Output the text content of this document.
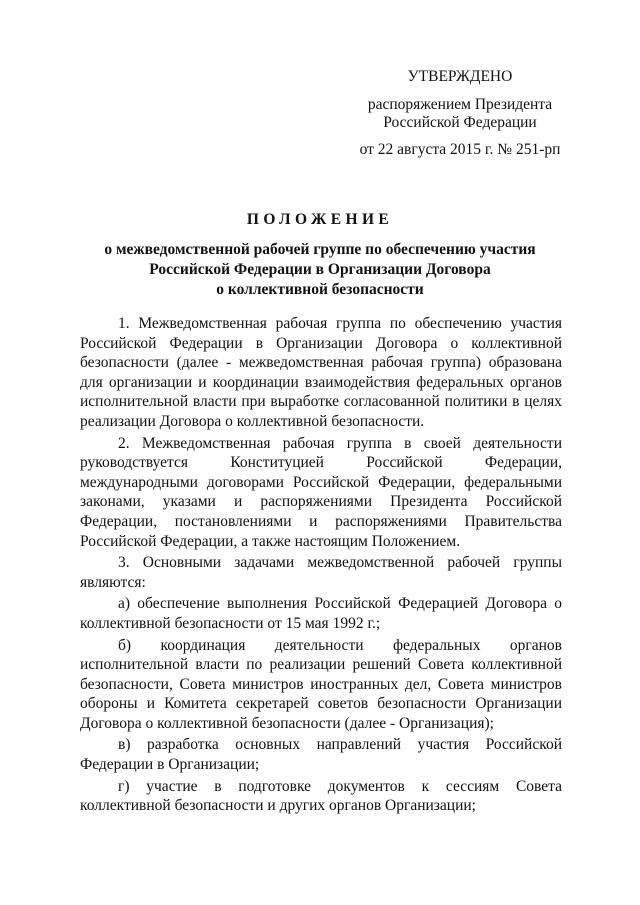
УТВЕРЖДЕНО
распоряжением Президента
Российской Федерации
от 22 августа 2015 г. № 251-рп
ПОЛОЖЕНИЕ
о межведомственной рабочей группе по обеспечению участия
Российской Федерации в Организации Договора
о коллективной безопасности

1. Межведомственная рабочая группа по обеспечению участия Российской Федерации в Организации Договора о коллективной безопасности (далее - межведомственная рабочая группа) образована для организации и координации взаимодействия федеральных органов исполнительной власти при выработке согласованной политики в целях реализации Договора о коллективной безопасности.

2. Межведомственная рабочая группа в своей деятельности руководствуется Конституцией Российской Федерации, международными договорами Российской Федерации, федеральными законами, указами и распоряжениями Президента Российской Федерации, постановлениями и распоряжениями Правительства Российской Федерации, а также настоящим Положением.

3. Основными задачами межведомственной рабочей группы являются:

а) обеспечение выполнения Российской Федерацией Договора о коллективной безопасности от 15 мая 1992 г.;

б) координация деятельности федеральных органов исполнительной власти по реализации решений Совета коллективной безопасности, Совета министров иностранных дел, Совета министров обороны и Комитета секретарей советов безопасности Организации Договора о коллективной безопасности (далее - Организация);

в) разработка основных направлений участия Российской Федерации в Организации;

г) участие в подготовке документов к сессиям Совета коллективной безопасности и других органов Организации;
